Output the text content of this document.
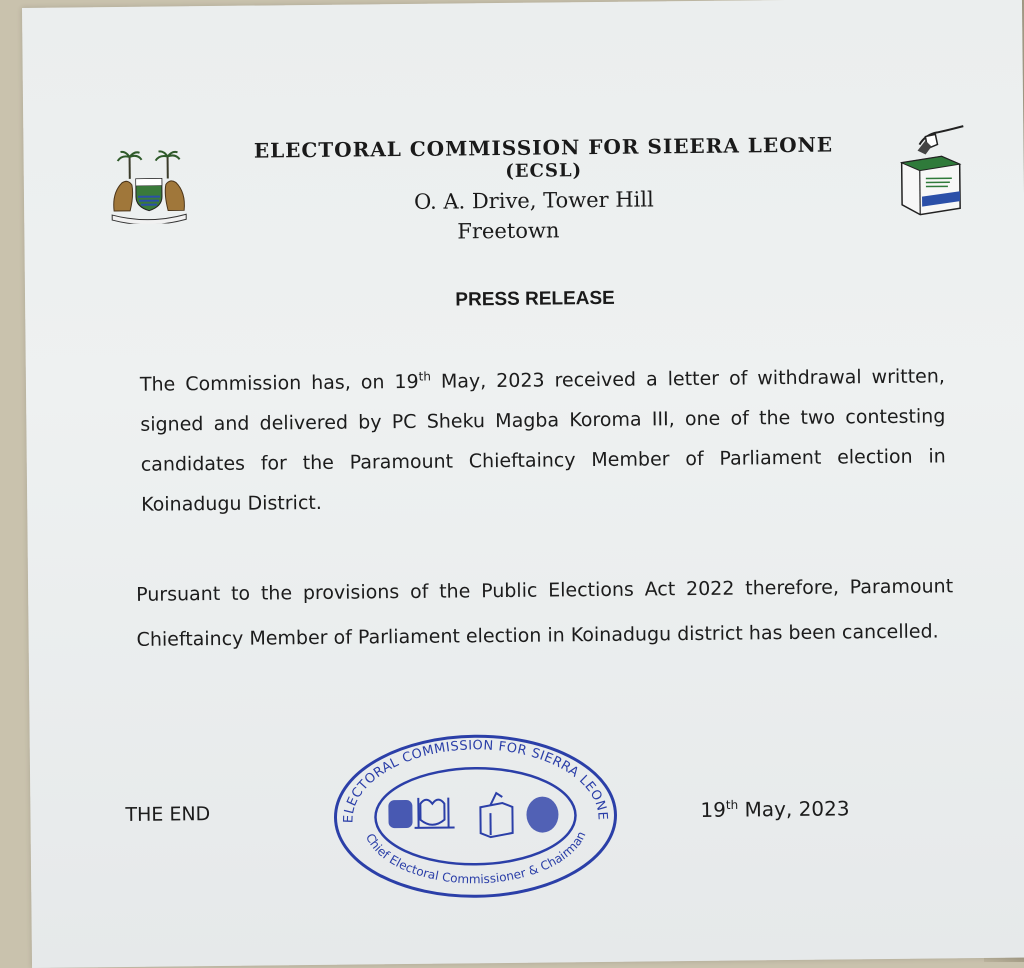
ELECTORAL COMMISSION FOR SIEERA LEONE
(ECSL)
O. A. Drive, Tower Hill
Freetown
PRESS RELEASE

The Commission has, on 19th May, 2023 received a letter of withdrawal written, signed and delivered by PC Sheku Magba Koroma III, one of the two contesting candidates for the Paramount Chieftaincy Member of Parliament election in Koinadugu District.

Pursuant to the provisions of the Public Elections Act 2022 therefore, Paramount Chieftaincy Member of Parliament election in Koinadugu district has been cancelled.

THE END	19th May, 2023
ELECTORAL COMMISSION FOR SIERRA LEONE
Chief Electoral Commissioner & Chairman
